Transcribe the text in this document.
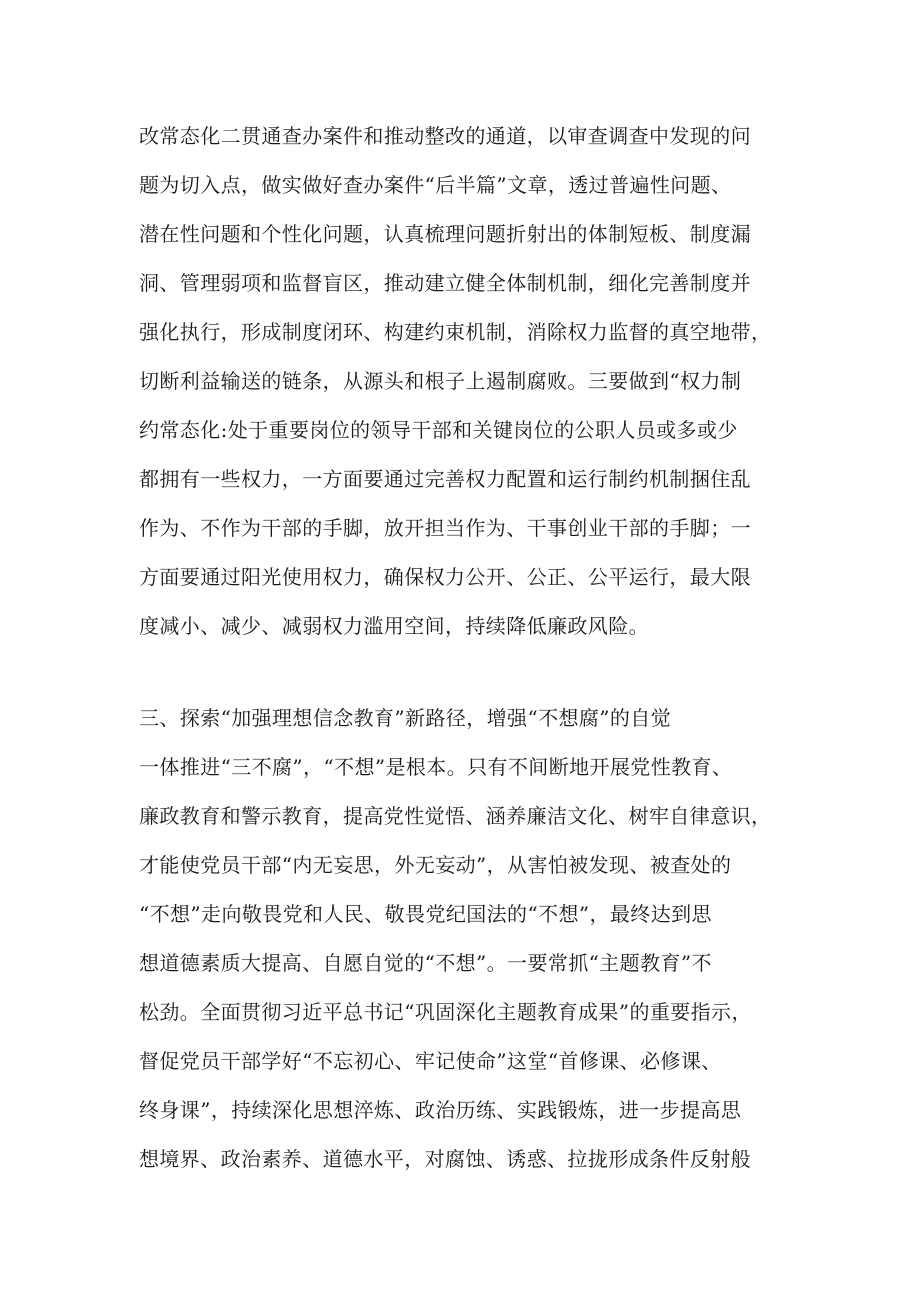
改常态化二贯通查办案件和推动整改的通道，以审查调查中发现的问
题为切入点，做实做好查办案件“后半篇”文章，透过普遍性问题、
潜在性问题和个性化问题，认真梳理问题折射出的体制短板、制度漏
洞、管理弱项和监督盲区，推动建立健全体制机制，细化完善制度并
强化执行，形成制度闭环、构建约束机制，消除权力监督的真空地带，
切断利益输送的链条，从源头和根子上遏制腐败。三要做到“权力制
约常态化:处于重要岗位的领导干部和关键岗位的公职人员或多或少
都拥有一些权力，一方面要通过完善权力配置和运行制约机制捆住乱
作为、不作为干部的手脚，放开担当作为、干事创业干部的手脚；一
方面要通过阳光使用权力，确保权力公开、公正、公平运行，最大限
度减小、减少、减弱权力滥用空间，持续降低廉政风险。
三、探索“加强理想信念教育”新路径，增强“不想腐”的自觉
一体推进“三不腐”，“不想”是根本。只有不间断地开展党性教育、
廉政教育和警示教育，提高党性觉悟、涵养廉洁文化、树牢自律意识，
才能使党员干部“内无妄思，外无妄动”，从害怕被发现、被查处的
“不想”走向敬畏党和人民、敬畏党纪国法的“不想”，最终达到思
想道德素质大提高、自愿自觉的“不想”。一要常抓“主题教育”不
松劲。全面贯彻习近平总书记“巩固深化主题教育成果”的重要指示，
督促党员干部学好“不忘初心、牢记使命”这堂“首修课、必修课、
终身课”，持续深化思想淬炼、政治历练、实践锻炼，进一步提高思
想境界、政治素养、道德水平，对腐蚀、诱惑、拉拢形成条件反射般
